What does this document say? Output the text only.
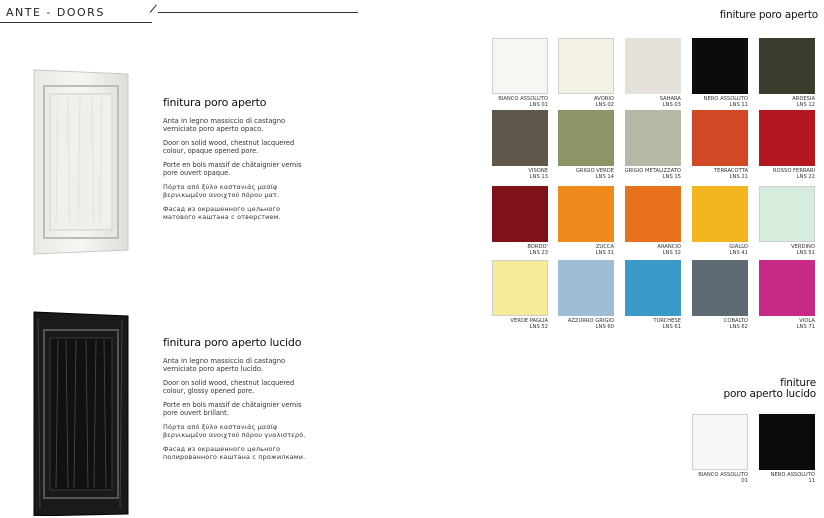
ANTE - DOORS
finitura poro aperto

Anta in legno massiccio di castagno verniciato poro aperto opaco.

Door on solid wood, chestnut lacquered colour, opaque opened pore.

Porte en bois massif de châtaignier vernis pore ouvert opaque.

Πόρτα από ξύλο καστανιάς μασίφ βερνικωμένο ανοιχτού πόρου ματ.

Фасад из окрашенного цельного матового каштана с отверстием.

finitura poro aperto lucido

Anta in legno massiccio di castagno verniciato poro aperto lucido.

Door on solid wood, chestnut lacquered colour, glossy opened pore.

Porte en bois massif de châtaignier vernis pore ouvert brillant.

Πόρτα από ξύλο καστανιάς μασίφ βερνικωμένο ανοιχτού πόρου γυαλιστερό.

Фасад из окрашенного цельного полированного каштана с прожилками.

finiture poro aperto
BIANCO ASSOLUTO
LNS 01
AVORIO
LNS 02
SAHARA
LNS 03
NERO ASSOLUTO
LNS 11
ARDESIA
LNS 12
VISONE
LNS 13
GRIGIO VERDE
LNS 14
GRIGIO METALIZZATO
LNS 15
TERRACOTTA
LNS 21
ROSSO FERRARI
LNS 22
BORDO'
LNS 23
ZUCCA
LNS 31
ARANCIO
LNS 32
GIALLO
LNS 41
VERDINO
LNS 51
VERDE PAGLIA
LNS 52
AZZURRO GRIGIO
LNS 60
TURCHESE
LNS 61
COBALTO
LNS 62
VIOLA
LNS 71
finiture
poro aperto lucido
BIANCO ASSOLUTO
01
NERO ASSOLUTO
11
